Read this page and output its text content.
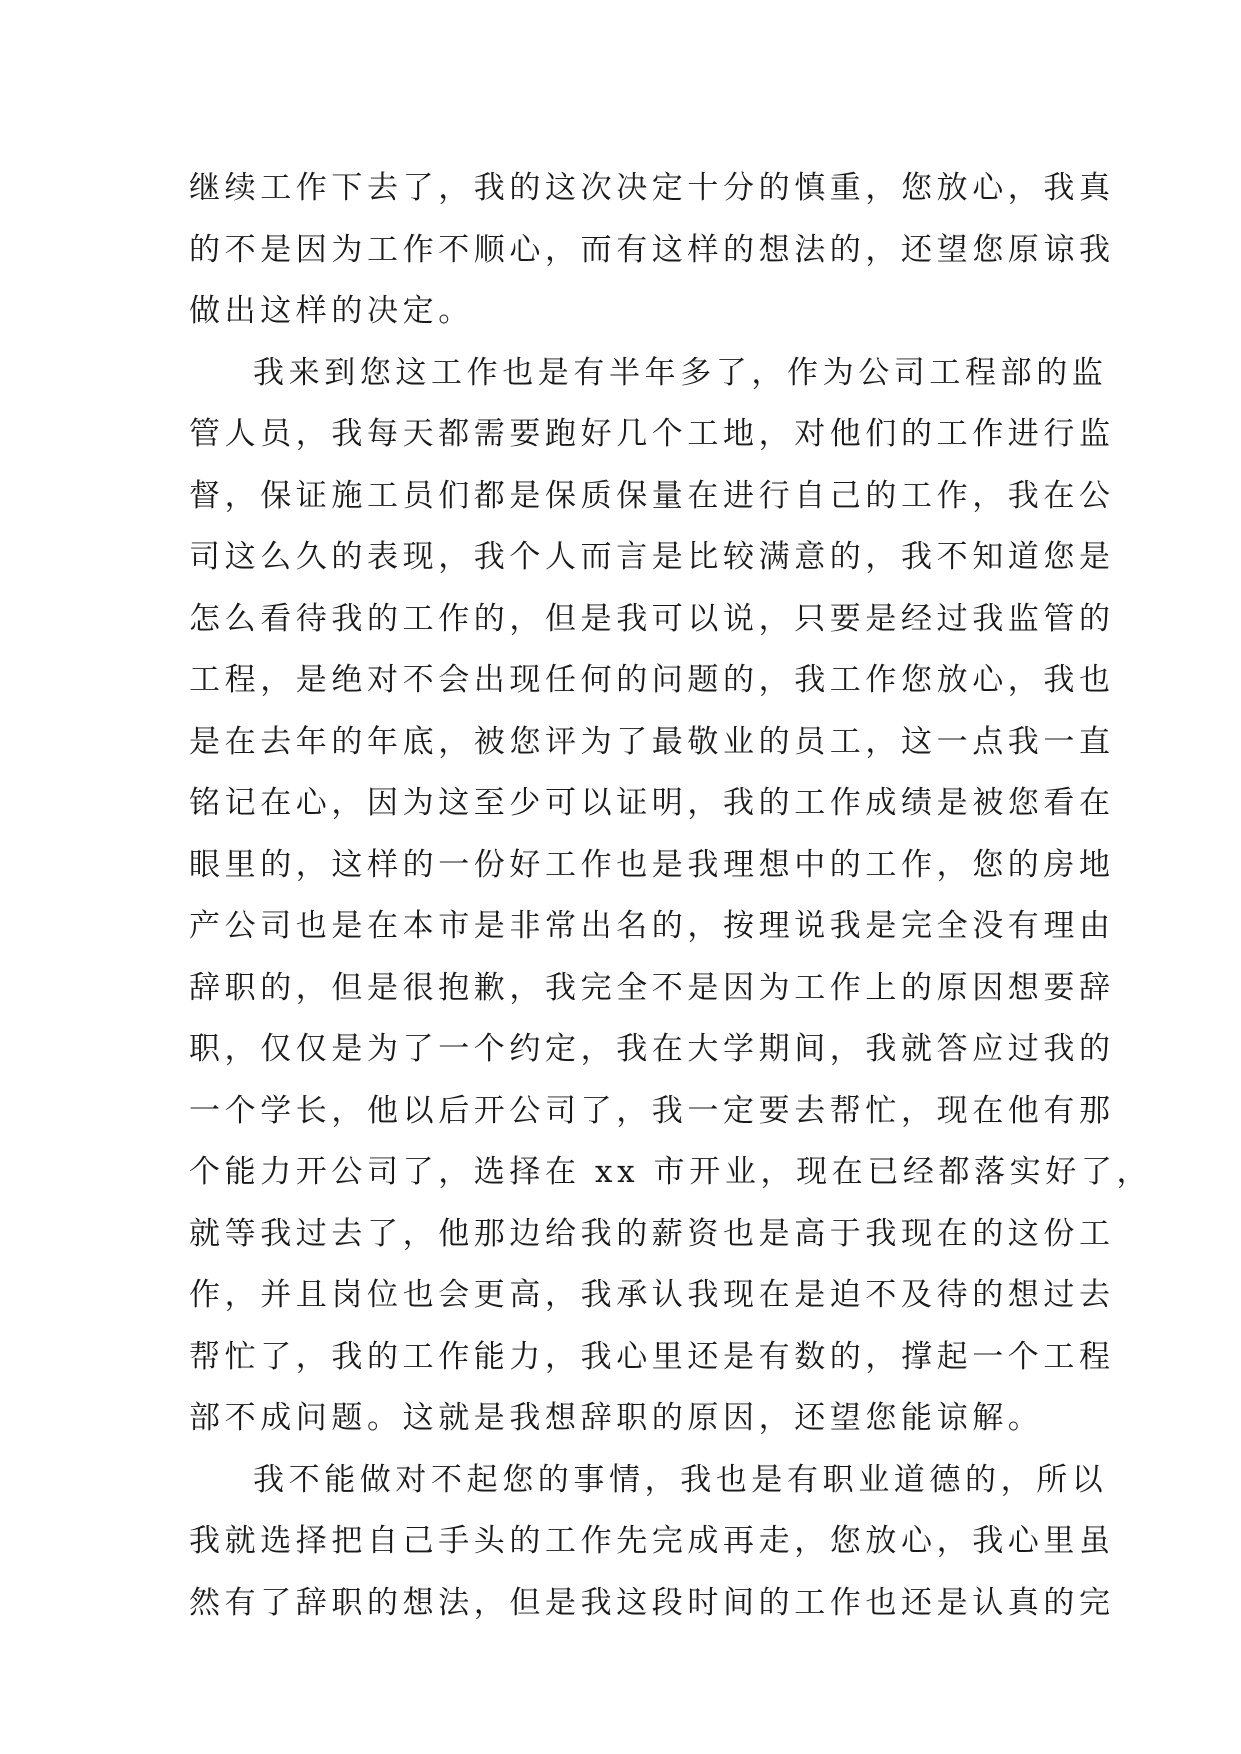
继续工作下去了，我的这次决定十分的慎重，您放心，我真
的不是因为工作不顺心，而有这样的想法的，还望您原谅我
做出这样的决定。
我来到您这工作也是有半年多了，作为公司工程部的监
管人员，我每天都需要跑好几个工地，对他们的工作进行监
督，保证施工员们都是保质保量在进行自己的工作，我在公
司这么久的表现，我个人而言是比较满意的，我不知道您是
怎么看待我的工作的，但是我可以说，只要是经过我监管的
工程，是绝对不会出现任何的问题的，我工作您放心，我也
是在去年的年底，被您评为了最敬业的员工，这一点我一直
铭记在心，因为这至少可以证明，我的工作成绩是被您看在
眼里的，这样的一份好工作也是我理想中的工作，您的房地
产公司也是在本市是非常出名的，按理说我是完全没有理由
辞职的，但是很抱歉，我完全不是因为工作上的原因想要辞
职，仅仅是为了一个约定，我在大学期间，我就答应过我的
一个学长，他以后开公司了，我一定要去帮忙，现在他有那
个能力开公司了，选择在 xx 市开业，现在已经都落实好了，
就等我过去了，他那边给我的薪资也是高于我现在的这份工
作，并且岗位也会更高，我承认我现在是迫不及待的想过去
帮忙了，我的工作能力，我心里还是有数的，撑起一个工程
部不成问题。这就是我想辞职的原因，还望您能谅解。
我不能做对不起您的事情，我也是有职业道德的，所以
我就选择把自己手头的工作先完成再走，您放心，我心里虽
然有了辞职的想法，但是我这段时间的工作也还是认真的完
